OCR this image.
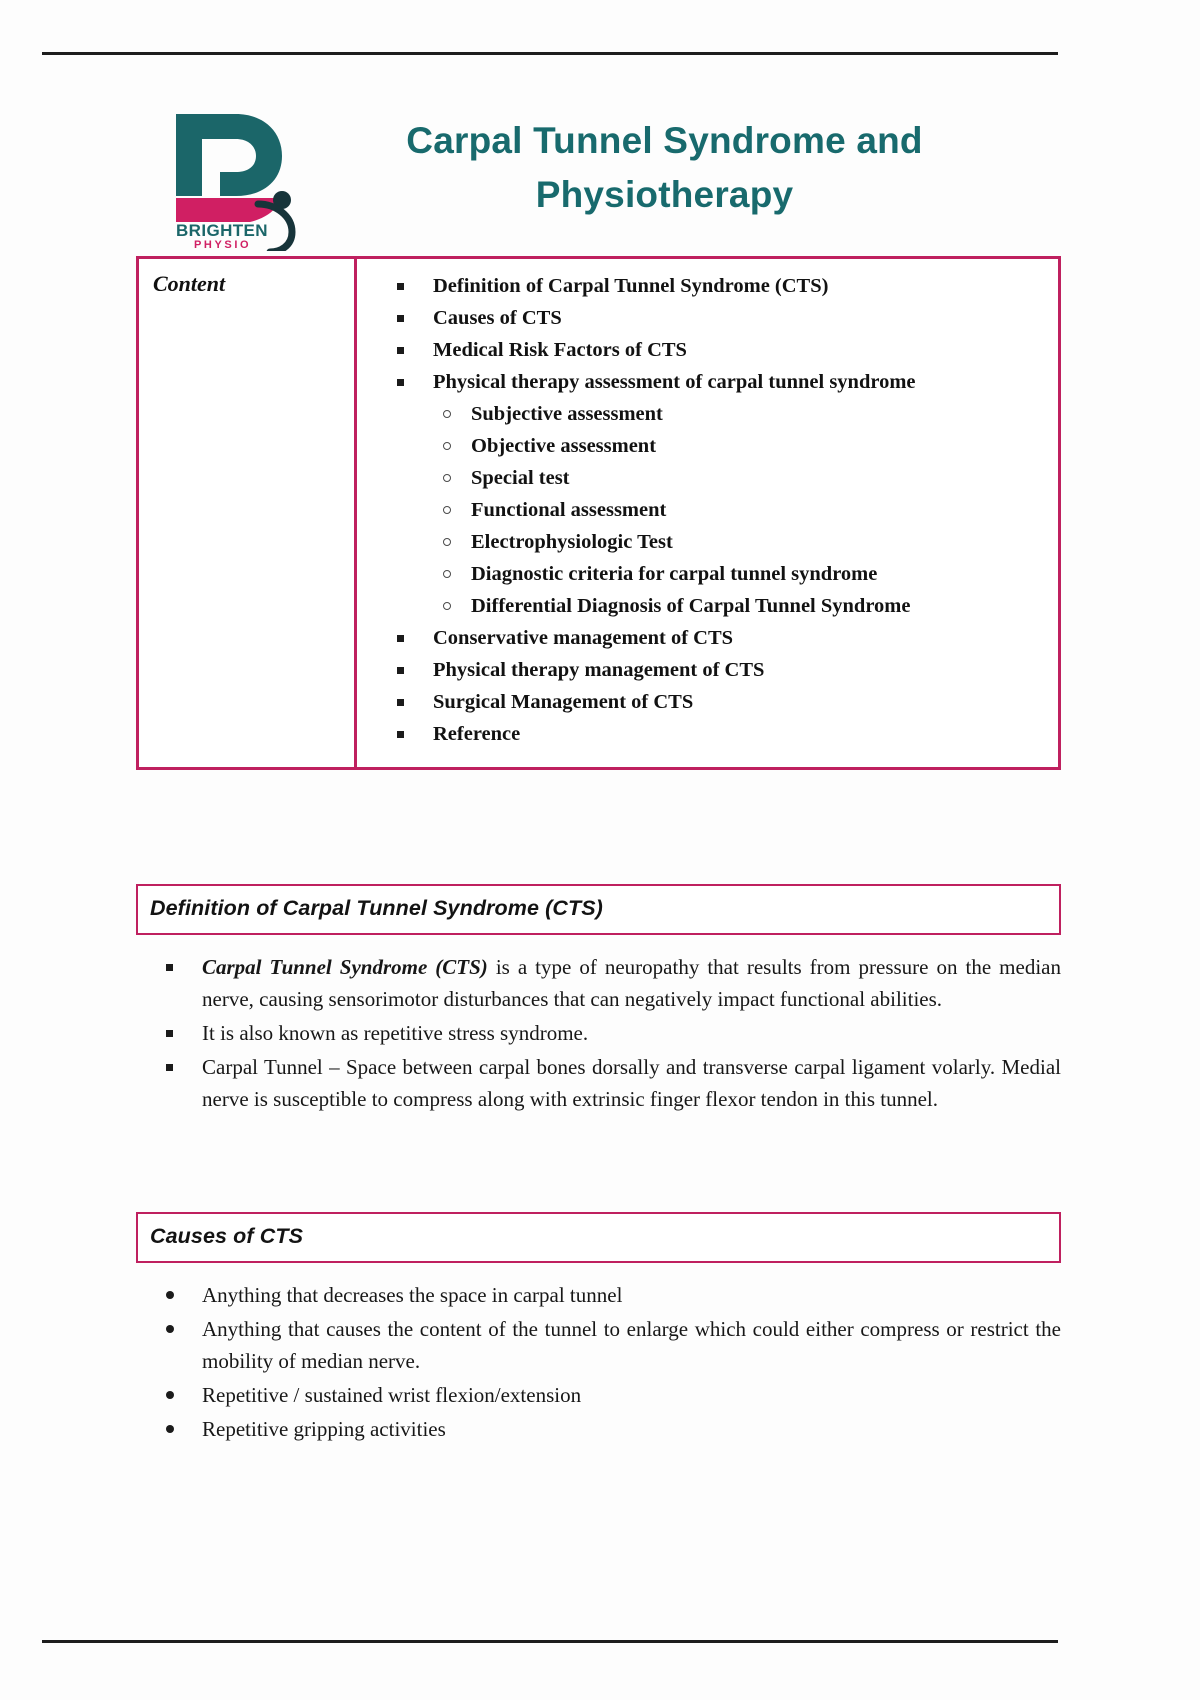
BRIGHTEN
PHYSIO
Carpal Tunnel Syndrome and
Physiotherapy
Content	Definition of Carpal Tunnel Syndrome (CTS)
Causes of CTS
Medical Risk Factors of CTS
Physical therapy assessment of carpal tunnel syndrome
Subjective assessment
Objective assessment
Special test
Functional assessment
Electrophysiologic Test
Diagnostic criteria for carpal tunnel syndrome
Differential Diagnosis of Carpal Tunnel Syndrome
Conservative management of CTS
Physical therapy management of CTS
Surgical Management of CTS
Reference
Definition of Carpal Tunnel Syndrome (CTS)
Carpal Tunnel Syndrome (CTS) is a type of neuropathy that results from pressure on the median nerve, causing sensorimotor disturbances that can negatively impact functional abilities.
It is also known as repetitive stress syndrome.
Carpal Tunnel – Space between carpal bones dorsally and transverse carpal ligament volarly. Medial nerve is susceptible to compress along with extrinsic finger flexor tendon in this tunnel.
Causes of CTS
Anything that decreases the space in carpal tunnel
Anything that causes the content of the tunnel to enlarge which could either compress or restrict the mobility of median nerve.
Repetitive / sustained wrist flexion/extension
Repetitive gripping activities
